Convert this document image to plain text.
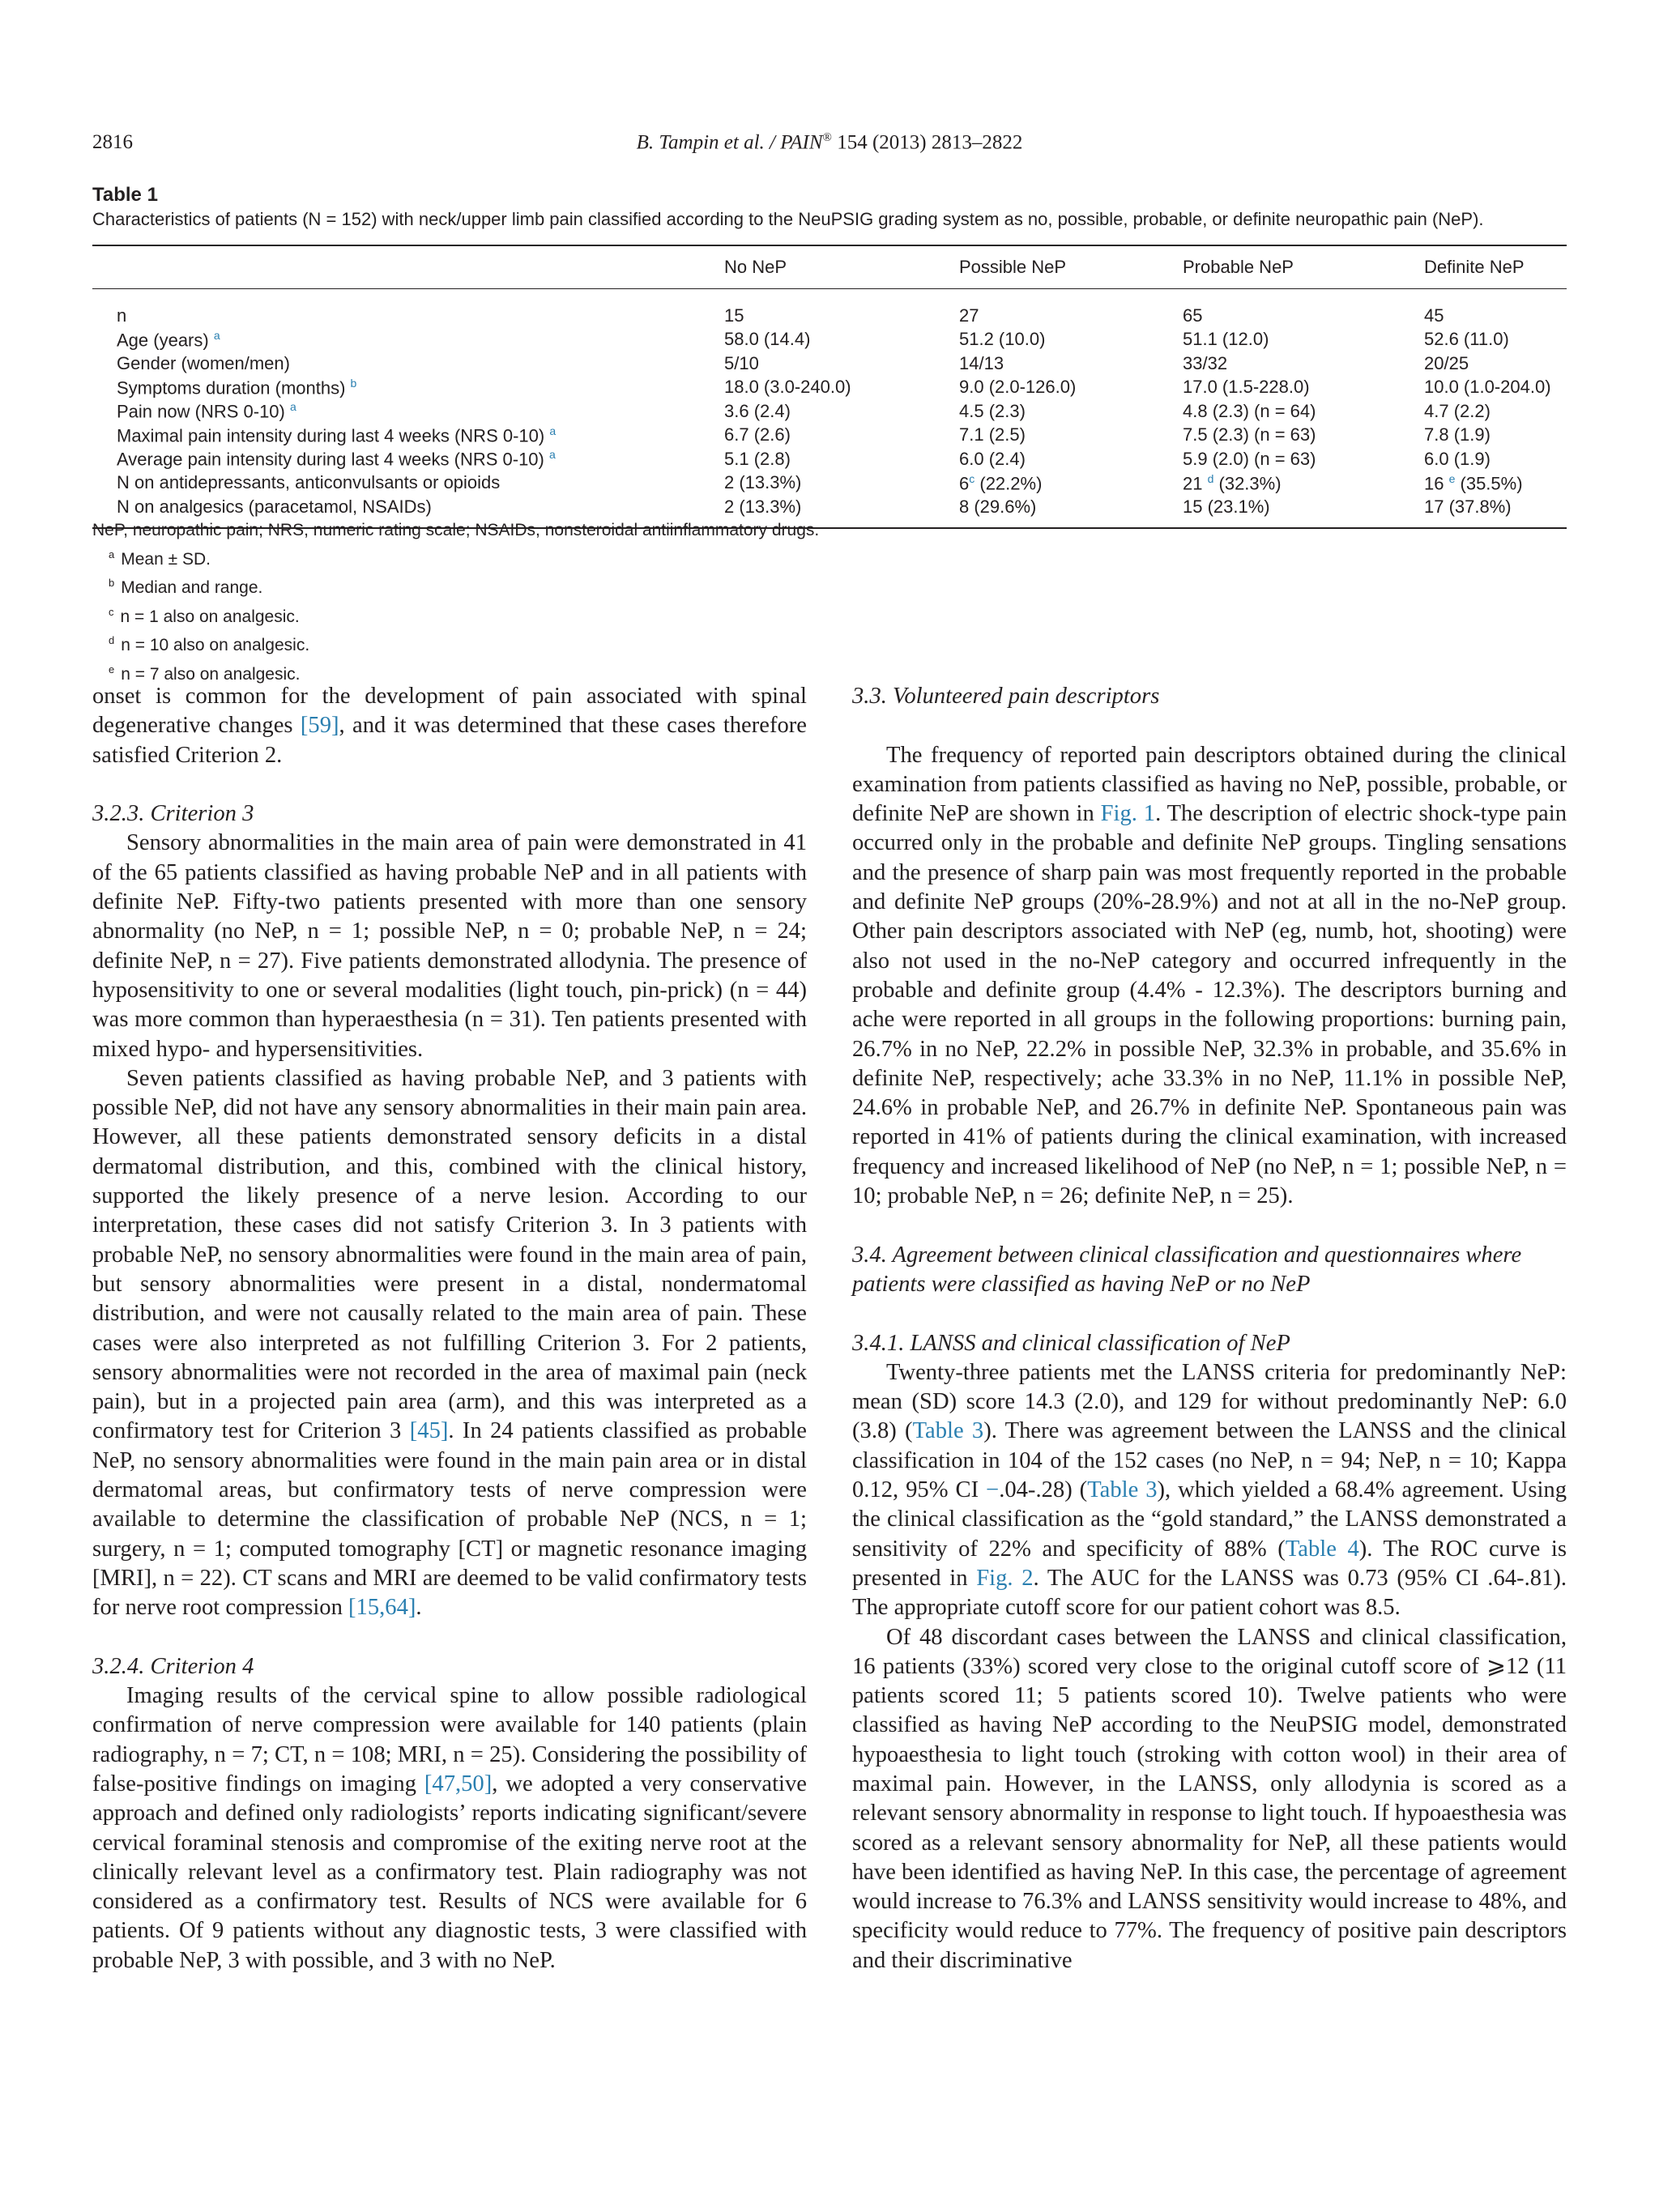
2816	B. Tampin et al. / PAIN® 154 (2013) 2813–2822

Table 1

Characteristics of patients (N = 152) with neck/upper limb pain classified according to the NeuPSIG grading system as no, possible, probable, or definite neuropathic pain (NeP).

	No NeP	Possible NeP	Probable NeP	Definite NeP
n	15	27	65	45
Age (years) $^a$	58.0 (14.4)	51.2 (10.0)	51.1 (12.0)	52.6 (11.0)
Gender (women/men)	5/10	14/13	33/32	20/25
Symptoms duration (months) $^b$	18.0 (3.0-240.0)	9.0 (2.0-126.0)	17.0 (1.5-228.0)	10.0 (1.0-204.0)
Pain now (NRS 0-10) $^a$	3.6 (2.4)	4.5 (2.3)	4.8 (2.3) (n = 64)	4.7 (2.2)
Maximal pain intensity during last 4 weeks (NRS 0-10) $^a$	6.7 (2.6)	7.1 (2.5)	7.5 (2.3) (n = 63)	7.8 (1.9)
Average pain intensity during last 4 weeks (NRS 0-10) $^a$	5.1 (2.8)	6.0 (2.4)	5.9 (2.0) (n = 63)	6.0 (1.9)
N on antidepressants, anticonvulsants or opioids	2 (13.3%)	6$^c$ (22.2%)	21 $^d$ (32.3%)	16 $^e$ (35.5%)
N on analgesics (paracetamol, NSAIDs)	2 (13.3%)	8 (29.6%)	15 (23.1%)	17 (37.8%)
NeP, neuropathic pain; NRS, numeric rating scale; NSAIDs, nonsteroidal antiinflammatory drugs.
$^a$ Mean ± SD.
$^b$ Median and range.
$^c$ n = 1 also on analgesic.
$^d$ n = 10 also on analgesic.
$^e$ n = 7 also on analgesic.

onset is common for the development of pain associated with spinal degenerative changes [59], and it was determined that these cases therefore satisfied Criterion 2.

3.2.3. Criterion 3

Sensory abnormalities in the main area of pain were demonstrated in 41 of the 65 patients classified as having probable NeP and in all patients with definite NeP. Fifty-two patients presented with more than one sensory abnormality (no NeP, n = 1; possible NeP, n = 0; probable NeP, n = 24; definite NeP, n = 27). Five patients demonstrated allodynia. The presence of hyposensitivity to one or several modalities (light touch, pin-prick) (n = 44) was more common than hyperaesthesia (n = 31). Ten patients presented with mixed hypo- and hypersensitivities.

Seven patients classified as having probable NeP, and 3 patients with possible NeP, did not have any sensory abnormalities in their main pain area. However, all these patients demonstrated sensory deficits in a distal dermatomal distribution, and this, combined with the clinical history, supported the likely presence of a nerve lesion. According to our interpretation, these cases did not satisfy Criterion 3. In 3 patients with probable NeP, no sensory abnormalities were found in the main area of pain, but sensory abnormalities were present in a distal, nondermatomal distribution, and were not causally related to the main area of pain. These cases were also interpreted as not fulfilling Criterion 3. For 2 patients, sensory abnormalities were not recorded in the area of maximal pain (neck pain), but in a projected pain area (arm), and this was interpreted as a confirmatory test for Criterion 3 [45]. In 24 patients classified as probable NeP, no sensory abnormalities were found in the main pain area or in distal dermatomal areas, but confirmatory tests of nerve compression were available to determine the classification of probable NeP (NCS, n = 1; surgery, n = 1; computed tomography [CT] or magnetic resonance imaging [MRI], n = 22). CT scans and MRI are deemed to be valid confirmatory tests for nerve root compression [15,64].

3.2.4. Criterion 4

Imaging results of the cervical spine to allow possible radiological confirmation of nerve compression were available for 140 patients (plain radiography, n = 7; CT, n = 108; MRI, n = 25). Considering the possibility of false-positive findings on imaging [47,50], we adopted a very conservative approach and defined only radiologists’ reports indicating significant/severe cervical foraminal stenosis and compromise of the exiting nerve root at the clinically relevant level as a confirmatory test. Plain radiography was not considered as a confirmatory test. Results of NCS were available for 6 patients. Of 9 patients without any diagnostic tests, 3 were classified with probable NeP, 3 with possible, and 3 with no NeP.

3.3. Volunteered pain descriptors

The frequency of reported pain descriptors obtained during the clinical examination from patients classified as having no NeP, possible, probable, or definite NeP are shown in Fig. 1. The description of electric shock-type pain occurred only in the probable and definite NeP groups. Tingling sensations and the presence of sharp pain was most frequently reported in the probable and definite NeP groups (20%-28.9%) and not at all in the no-NeP group. Other pain descriptors associated with NeP (eg, numb, hot, shooting) were also not used in the no-NeP category and occurred infrequently in the probable and definite group (4.4% - 12.3%). The descriptors burning and ache were reported in all groups in the following proportions: burning pain, 26.7% in no NeP, 22.2% in possible NeP, 32.3% in probable, and 35.6% in definite NeP, respectively; ache 33.3% in no NeP, 11.1% in possible NeP, 24.6% in probable NeP, and 26.7% in definite NeP. Spontaneous pain was reported in 41% of patients during the clinical examination, with increased frequency and increased likelihood of NeP (no NeP, n = 1; possible NeP, n = 10; probable NeP, n = 26; definite NeP, n = 25).

3.4. Agreement between clinical classification and questionnaires where patients were classified as having NeP or no NeP
3.4.1. LANSS and clinical classification of NeP

Twenty-three patients met the LANSS criteria for predominantly NeP: mean (SD) score 14.3 (2.0), and 129 for without predominantly NeP: 6.0 (3.8) (Table 3). There was agreement between the LANSS and the clinical classification in 104 of the 152 cases (no NeP, n = 94; NeP, n = 10; Kappa 0.12, 95% CI −.04-.28) (Table 3), which yielded a 68.4% agreement. Using the clinical classification as the “gold standard,” the LANSS demonstrated a sensitivity of 22% and specificity of 88% (Table 4). The ROC curve is presented in Fig. 2. The AUC for the LANSS was 0.73 (95% CI .64-.81). The appropriate cutoff score for our patient cohort was 8.5.

Of 48 discordant cases between the LANSS and clinical classification, 16 patients (33%) scored very close to the original cutoff score of ⩾12 (11 patients scored 11; 5 patients scored 10). Twelve patients who were classified as having NeP according to the NeuPSIG model, demonstrated hypoaesthesia to light touch (stroking with cotton wool) in their area of maximal pain. However, in the LANSS, only allodynia is scored as a relevant sensory abnormality in response to light touch. If hypoaesthesia was scored as a relevant sensory abnormality for NeP, all these patients would have been identified as having NeP. In this case, the percentage of agreement would increase to 76.3% and LANSS sensitivity would increase to 48%, and specificity would reduce to 77%. The frequency of positive pain descriptors and their discriminative
